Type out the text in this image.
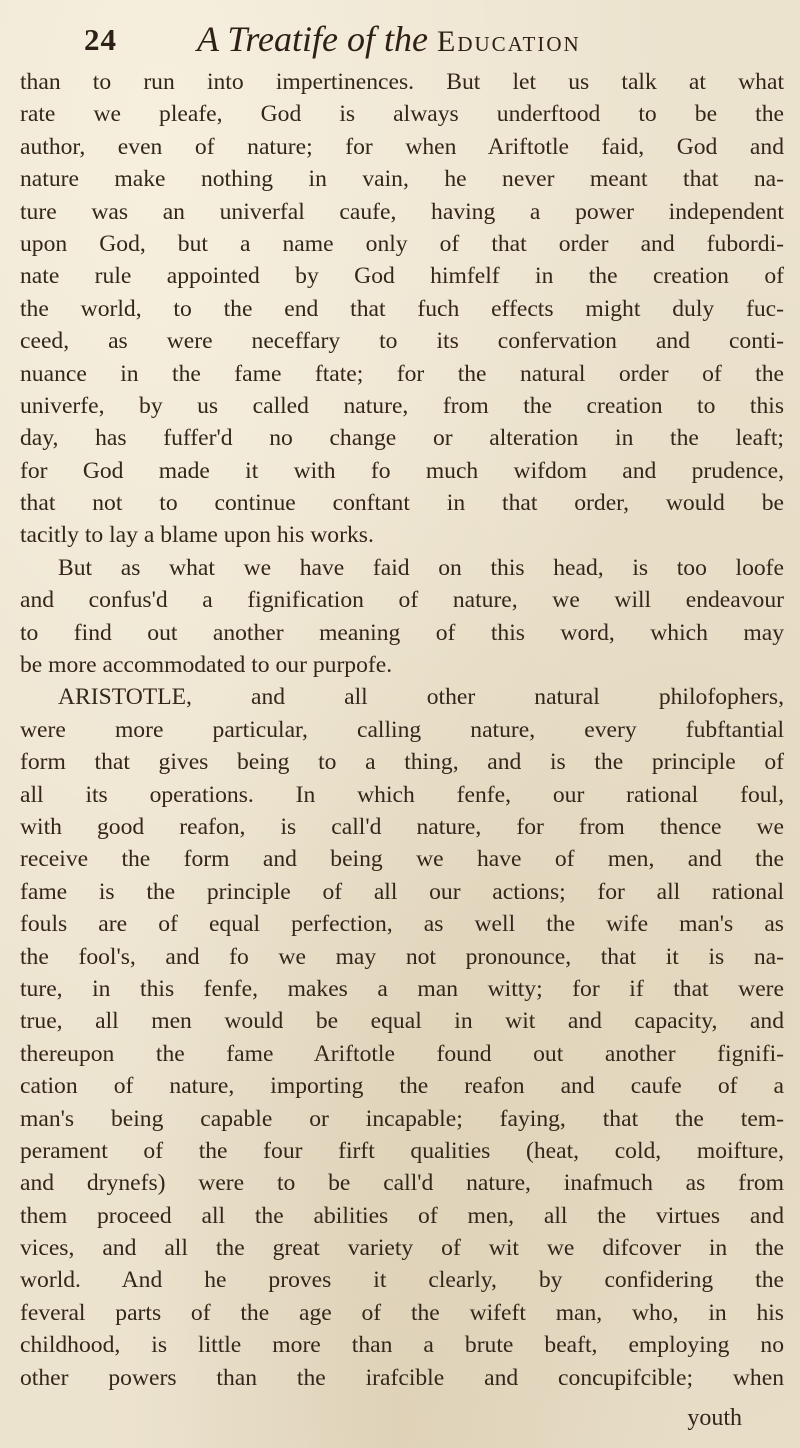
24 A Treatife of the Education
than to run into impertinences. But let us talk at what
rate we pleafe, God is always underftood to be the
author, even of nature; for when Ariftotle faid, God and
nature make nothing in vain, he never meant that na-
ture was an univerfal caufe, having a power independent
upon God, but a name only of that order and fubordi-
nate rule appointed by God himfelf in the creation of
the world, to the end that fuch effects might duly fuc-
ceed, as were neceffary to its confervation and conti-
nuance in the fame ftate; for the natural order of the
univerfe, by us called nature, from the creation to this
day, has fuffer'd no change or alteration in the leaft;
for God made it with fo much wifdom and prudence,
that not to continue conftant in that order, would be
tacitly to lay a blame upon his works.
But as what we have faid on this head, is too loofe
and confus'd a fignification of nature, we will endeavour
to find out another meaning of this word, which may
be more accommodated to our purpofe.
ARISTOTLE, and all other natural philofophers,
were more particular, calling nature, every fubftantial
form that gives being to a thing, and is the principle of
all its operations. In which fenfe, our rational foul,
with good reafon, is call'd nature, for from thence we
receive the form and being we have of men, and the
fame is the principle of all our actions; for all rational
fouls are of equal perfection, as well the wife man's as
the fool's, and fo we may not pronounce, that it is na-
ture, in this fenfe, makes a man witty; for if that were
true, all men would be equal in wit and capacity, and
thereupon the fame Ariftotle found out another fignifi-
cation of nature, importing the reafon and caufe of a
man's being capable or incapable; faying, that the tem-
perament of the four firft qualities (heat, cold, moifture,
and drynefs) were to be call'd nature, inafmuch as from
them proceed all the abilities of men, all the virtues and
vices, and all the great variety of wit we difcover in the
world. And he proves it clearly, by confidering the
feveral parts of the age of the wifeft man, who, in his
childhood, is little more than a brute beaft, employing no
other powers than the irafcible and concupifcible; when
youth
